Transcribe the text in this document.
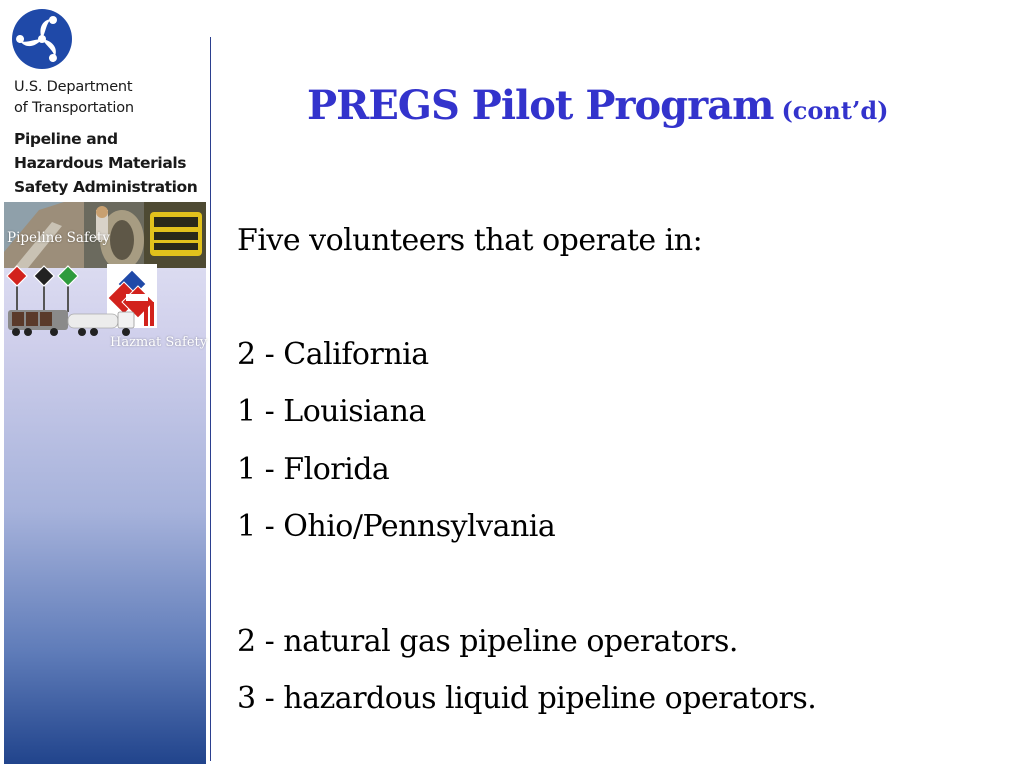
U.S. Department
of Transportation
Pipeline and
Hazardous Materials
Safety Administration
Pipeline Safety
Hazmat Safety
PREGS Pilot Program (cont’d)

Five volunteers that operate in:

2 - California

1 - Louisiana

1 - Florida

1 - Ohio/Pennsylvania

2 - natural gas pipeline operators.

3 - hazardous liquid pipeline operators.
